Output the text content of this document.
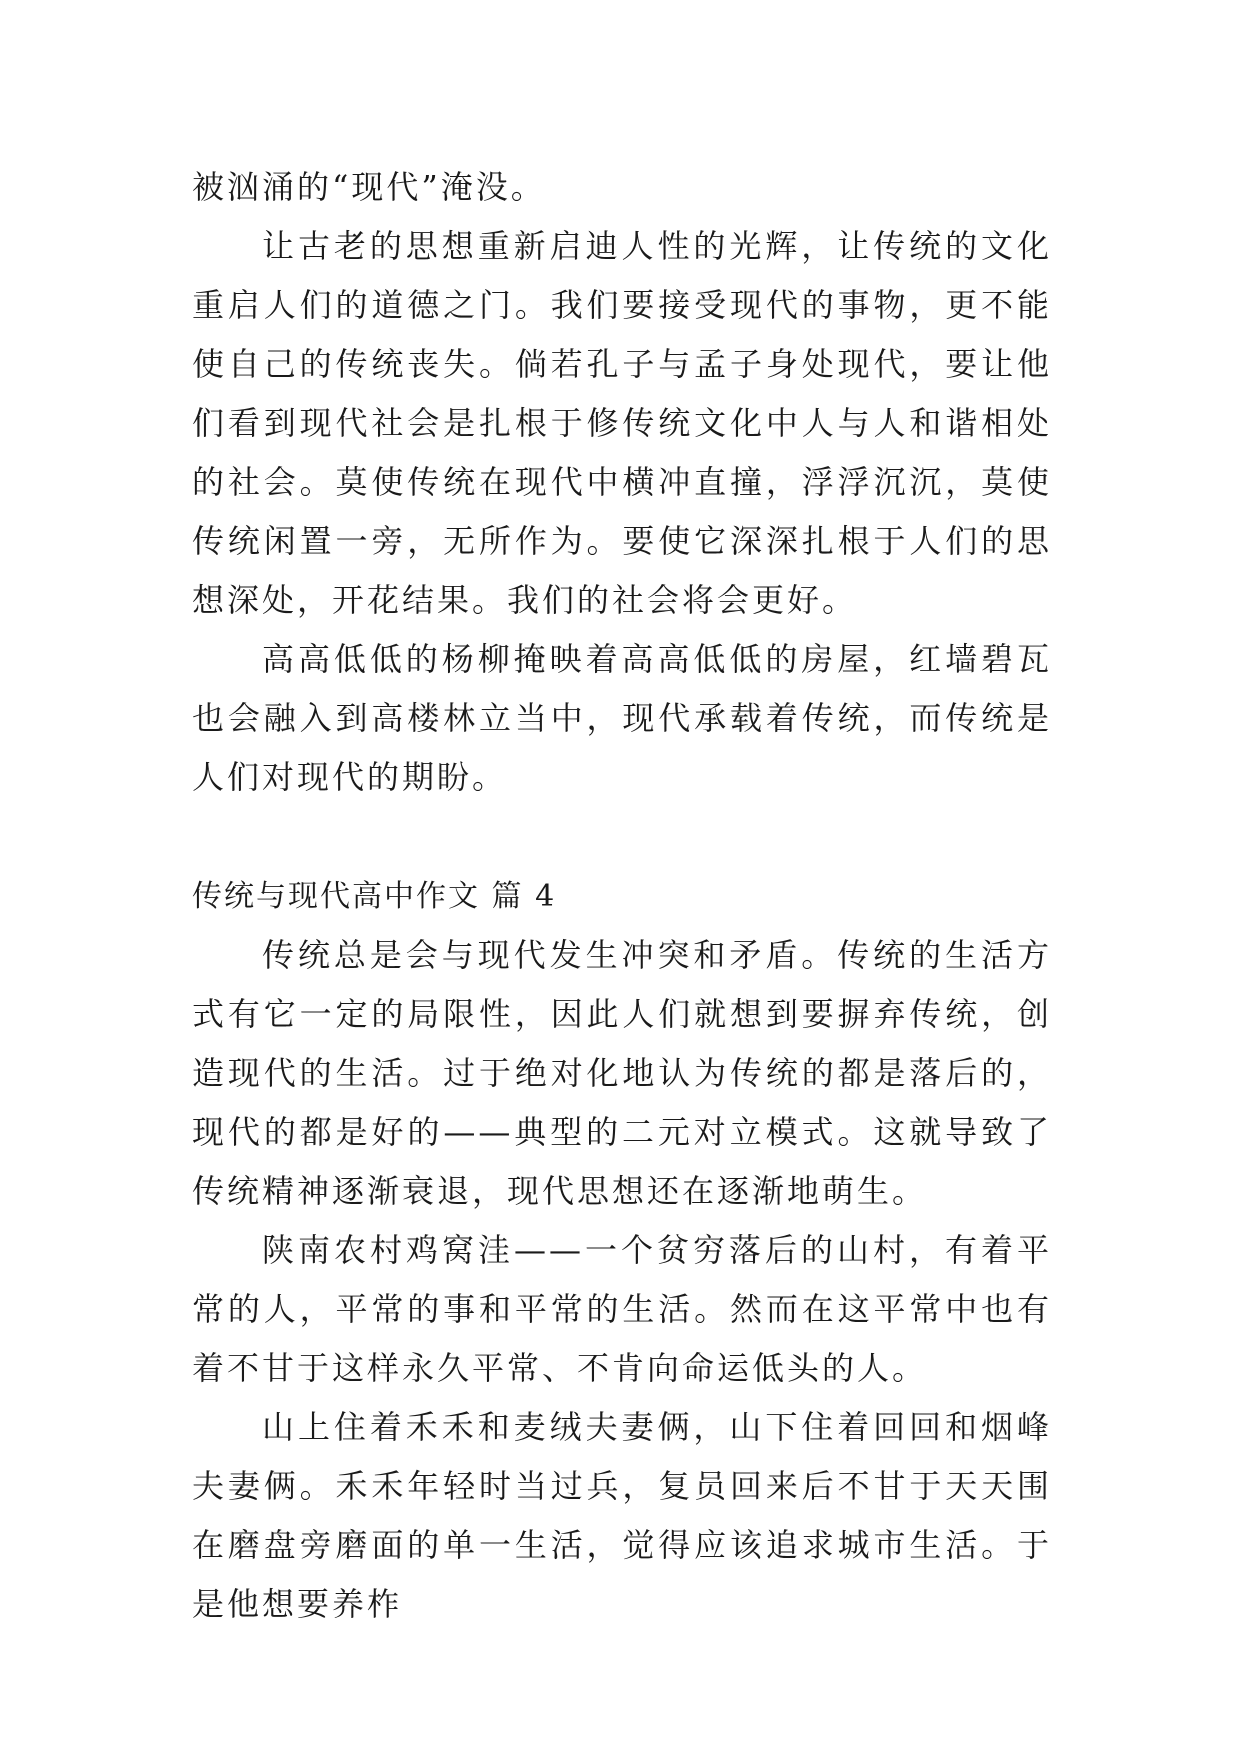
被汹涌的“现代”淹没。

让古老的思想重新启迪人性的光辉，让传统的文化重启人们的道德之门。我们要接受现代的事物，更不能使自己的传统丧失。倘若孔子与孟子身处现代，要让他们看到现代社会是扎根于修传统文化中人与人和谐相处的社会。莫使传统在现代中横冲直撞，浮浮沉沉，莫使传统闲置一旁，无所作为。要使它深深扎根于人们的思想深处，开花结果。我们的社会将会更好。

高高低低的杨柳掩映着高高低低的房屋，红墙碧瓦也会融入到高楼林立当中，现代承载着传统，而传统是人们对现代的期盼。

传统与现代高中作文 篇 4

传统总是会与现代发生冲突和矛盾。传统的生活方式有它一定的局限性，因此人们就想到要摒弃传统，创造现代的生活。过于绝对化地认为传统的都是落后的，现代的都是好的——典型的二元对立模式。这就导致了传统精神逐渐衰退，现代思想还在逐渐地萌生。

陕南农村鸡窝洼——一个贫穷落后的山村，有着平常的人，平常的事和平常的生活。然而在这平常中也有着不甘于这样永久平常、不肯向命运低头的人。

山上住着禾禾和麦绒夫妻俩，山下住着回回和烟峰夫妻俩。禾禾年轻时当过兵，复员回来后不甘于天天围在磨盘旁磨面的单一生活，觉得应该追求城市生活。于是他想要养柞
